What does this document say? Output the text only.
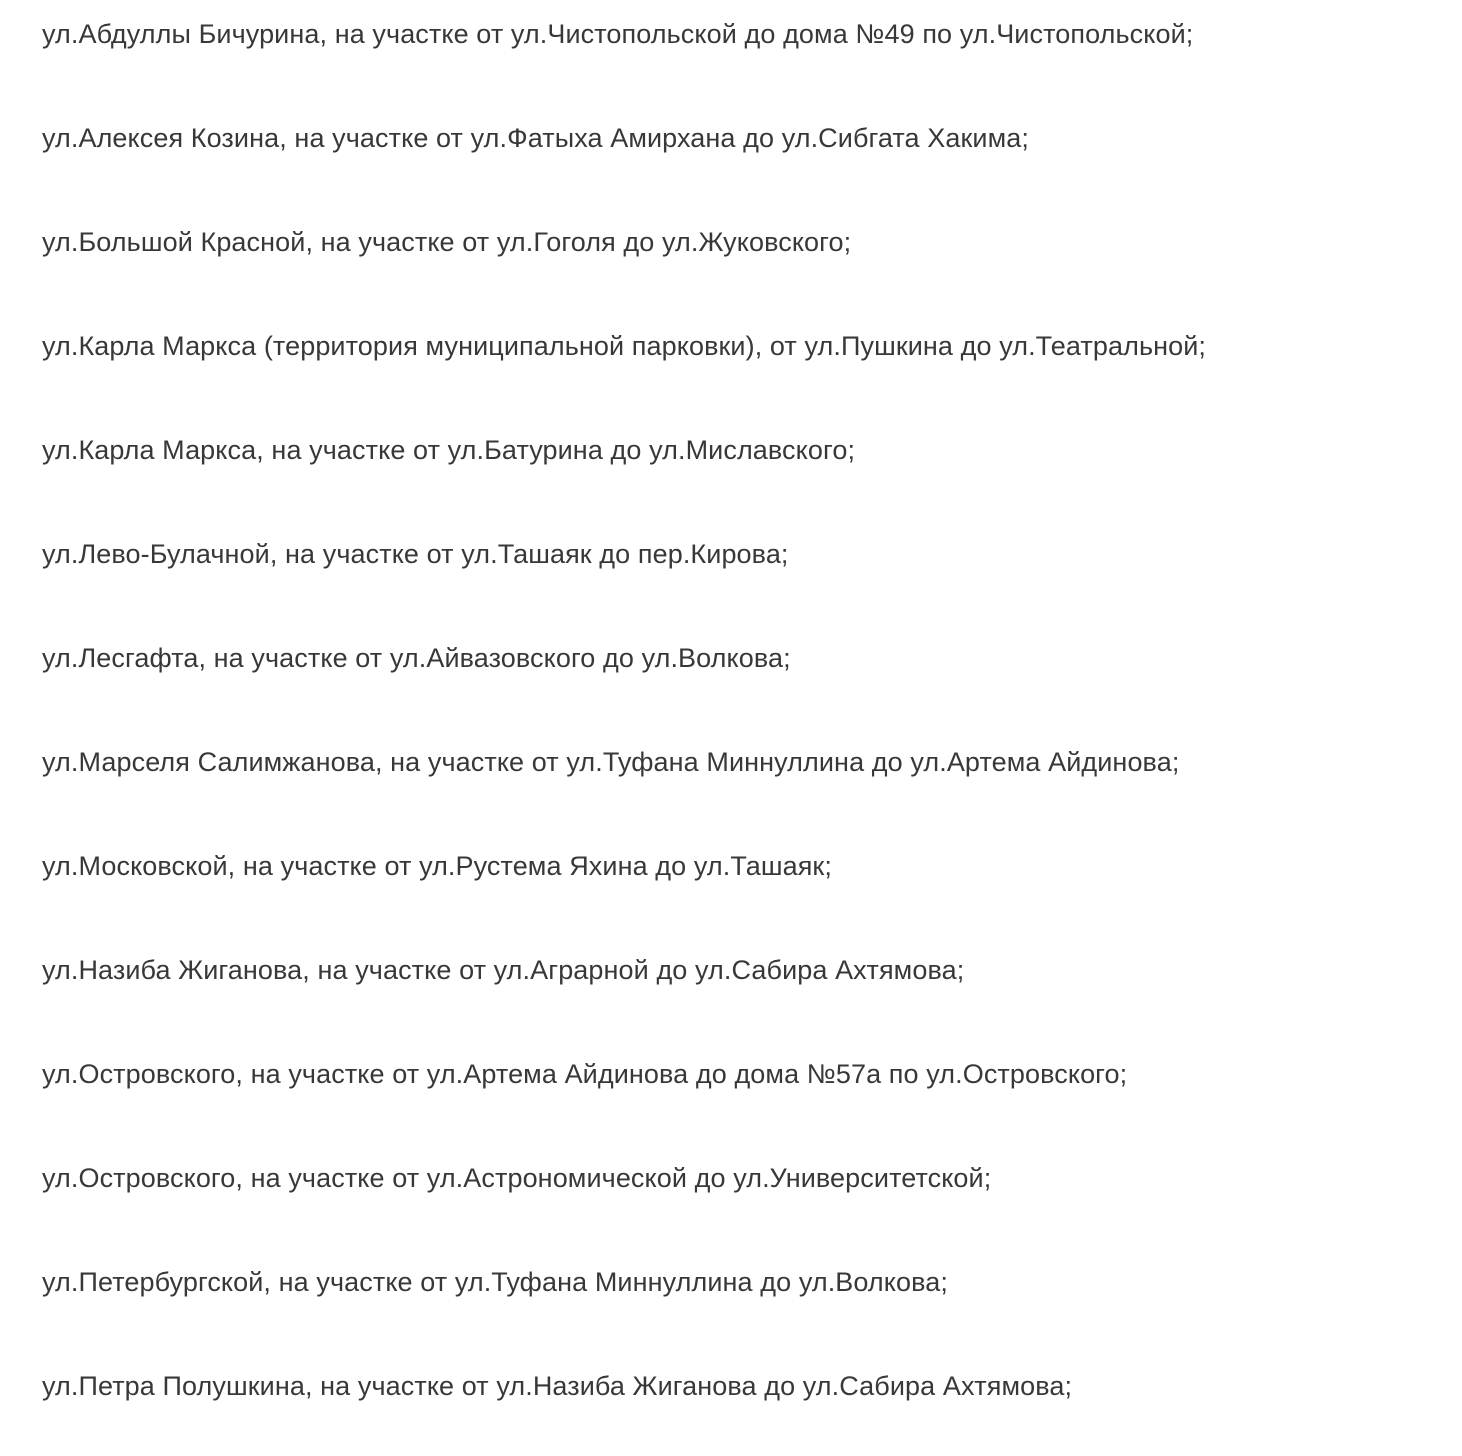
ул.Абдуллы Бичурина, на участке от ул.Чистопольской до дома №49 по ул.Чистопольской;
ул.Алексея Козина, на участке от ул.Фатыха Амирхана до ул.Сибгата Хакима;
ул.Большой Красной, на участке от ул.Гоголя до ул.Жуковского;
ул.Карла Маркса (территория муниципальной парковки), от ул.Пушкина до ул.Театральной;
ул.Карла Маркса, на участке от ул.Батурина до ул.Миславского;
ул.Лево-Булачной, на участке от ул.Ташаяк до пер.Кирова;
ул.Лесгафта, на участке от ул.Айвазовского до ул.Волкова;
ул.Марселя Салимжанова, на участке от ул.Туфана Миннуллина до ул.Артема Айдинова;
ул.Московской, на участке от ул.Рустема Яхина до ул.Ташаяк;
ул.Назиба Жиганова, на участке от ул.Аграрной до ул.Сабира Ахтямова;
ул.Островского, на участке от ул.Артема Айдинова до дома №57а по ул.Островского;
ул.Островского, на участке от ул.Астрономической до ул.Университетской;
ул.Петербургской, на участке от ул.Туфана Миннуллина до ул.Волкова;
ул.Петра Полушкина, на участке от ул.Назиба Жиганова до ул.Сабира Ахтямова;
